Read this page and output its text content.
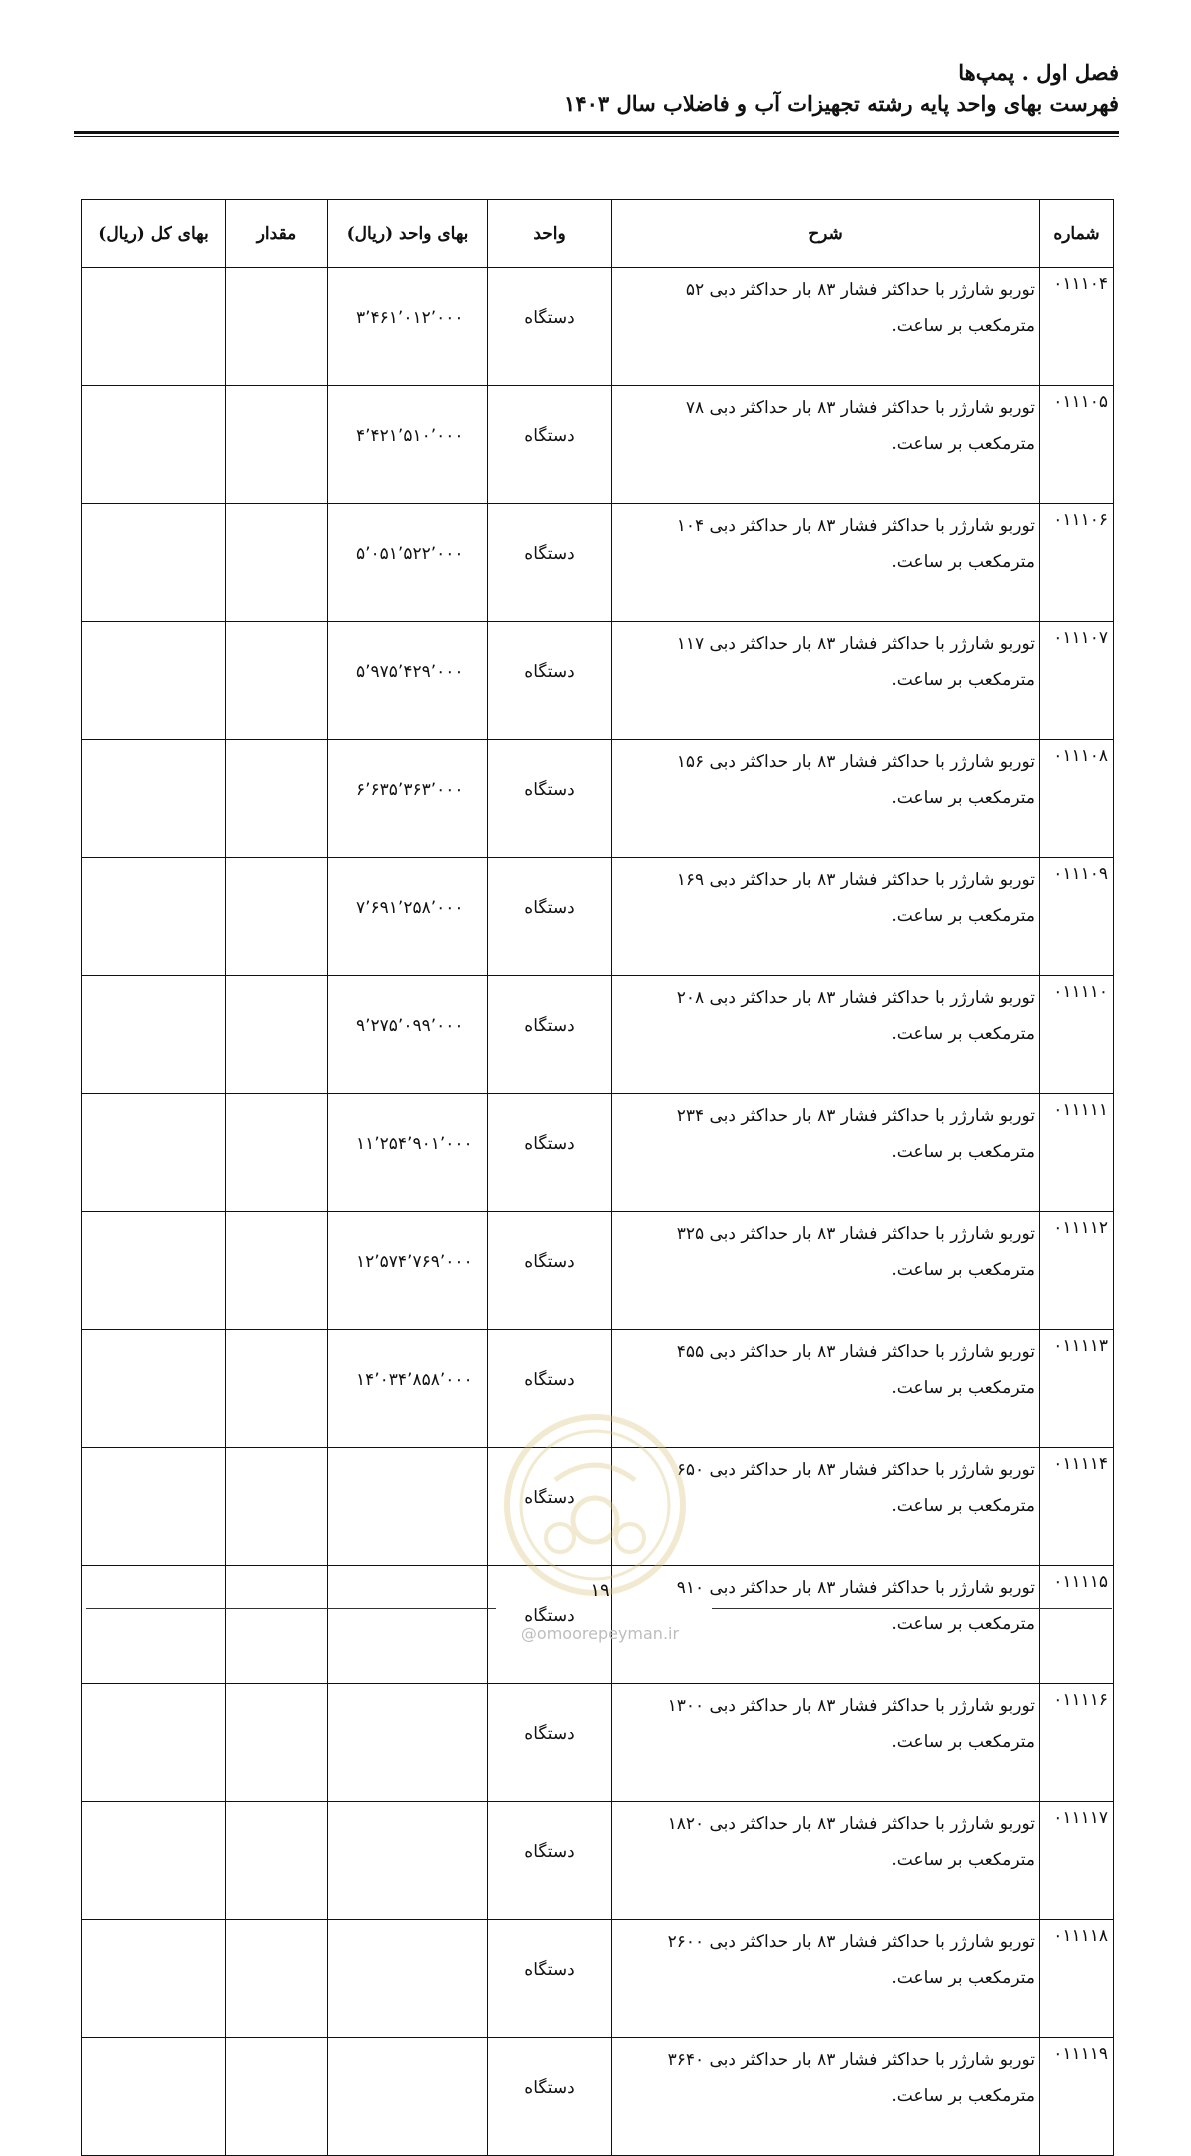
فصل اول . پمپ‌ها
فهرست بهای واحد پایه رشته تجهیزات آب و فاضلاب سال ۱۴۰۳
شماره	شرح	واحد	بهای واحد (ریال)	مقدار	بهای کل (ریال)
۰۱۱۱۰۴	توربو شارژر با حداکثر فشار ۸۳ بار حداکثر دبی ۵۲
مترمکعب بر ساعت.	دستگاه	۳٬۴۶۱٬۰۱۲٬۰۰۰		
۰۱۱۱۰۵	توربو شارژر با حداکثر فشار ۸۳ بار حداکثر دبی ۷۸
مترمکعب بر ساعت.	دستگاه	۴٬۴۲۱٬۵۱۰٬۰۰۰		
۰۱۱۱۰۶	توربو شارژر با حداکثر فشار ۸۳ بار حداکثر دبی ۱۰۴
مترمکعب بر ساعت.	دستگاه	۵٬۰۵۱٬۵۲۲٬۰۰۰		
۰۱۱۱۰۷	توربو شارژر با حداکثر فشار ۸۳ بار حداکثر دبی ۱۱۷
مترمکعب بر ساعت.	دستگاه	۵٬۹۷۵٬۴۲۹٬۰۰۰		
۰۱۱۱۰۸	توربو شارژر با حداکثر فشار ۸۳ بار حداکثر دبی ۱۵۶
مترمکعب بر ساعت.	دستگاه	۶٬۶۳۵٬۳۶۳٬۰۰۰		
۰۱۱۱۰۹	توربو شارژر با حداکثر فشار ۸۳ بار حداکثر دبی ۱۶۹
مترمکعب بر ساعت.	دستگاه	۷٬۶۹۱٬۲۵۸٬۰۰۰		
۰۱۱۱۱۰	توربو شارژر با حداکثر فشار ۸۳ بار حداکثر دبی ۲۰۸
مترمکعب بر ساعت.	دستگاه	۹٬۲۷۵٬۰۹۹٬۰۰۰		
۰۱۱۱۱۱	توربو شارژر با حداکثر فشار ۸۳ بار حداکثر دبی ۲۳۴
مترمکعب بر ساعت.	دستگاه	۱۱٬۲۵۴٬۹۰۱٬۰۰۰		
۰۱۱۱۱۲	توربو شارژر با حداکثر فشار ۸۳ بار حداکثر دبی ۳۲۵
مترمکعب بر ساعت.	دستگاه	۱۲٬۵۷۴٬۷۶۹٬۰۰۰		
۰۱۱۱۱۳	توربو شارژر با حداکثر فشار ۸۳ بار حداکثر دبی ۴۵۵
مترمکعب بر ساعت.	دستگاه	۱۴٬۰۳۴٬۸۵۸٬۰۰۰		
۰۱۱۱۱۴	توربو شارژر با حداکثر فشار ۸۳ بار حداکثر دبی ۶۵۰
مترمکعب بر ساعت.	دستگاه			
۰۱۱۱۱۵	توربو شارژر با حداکثر فشار ۸۳ بار حداکثر دبی ۹۱۰
مترمکعب بر ساعت.	دستگاه			
۰۱۱۱۱۶	توربو شارژر با حداکثر فشار ۸۳ بار حداکثر دبی ۱۳۰۰
مترمکعب بر ساعت.	دستگاه			
۰۱۱۱۱۷	توربو شارژر با حداکثر فشار ۸۳ بار حداکثر دبی ۱۸۲۰
مترمکعب بر ساعت.	دستگاه			
۰۱۱۱۱۸	توربو شارژر با حداکثر فشار ۸۳ بار حداکثر دبی ۲۶۰۰
مترمکعب بر ساعت.	دستگاه			
۰۱۱۱۱۹	توربو شارژر با حداکثر فشار ۸۳ بار حداکثر دبی ۳۶۴۰
مترمکعب بر ساعت.	دستگاه			
@omoorepeyman.ir
۱۹
